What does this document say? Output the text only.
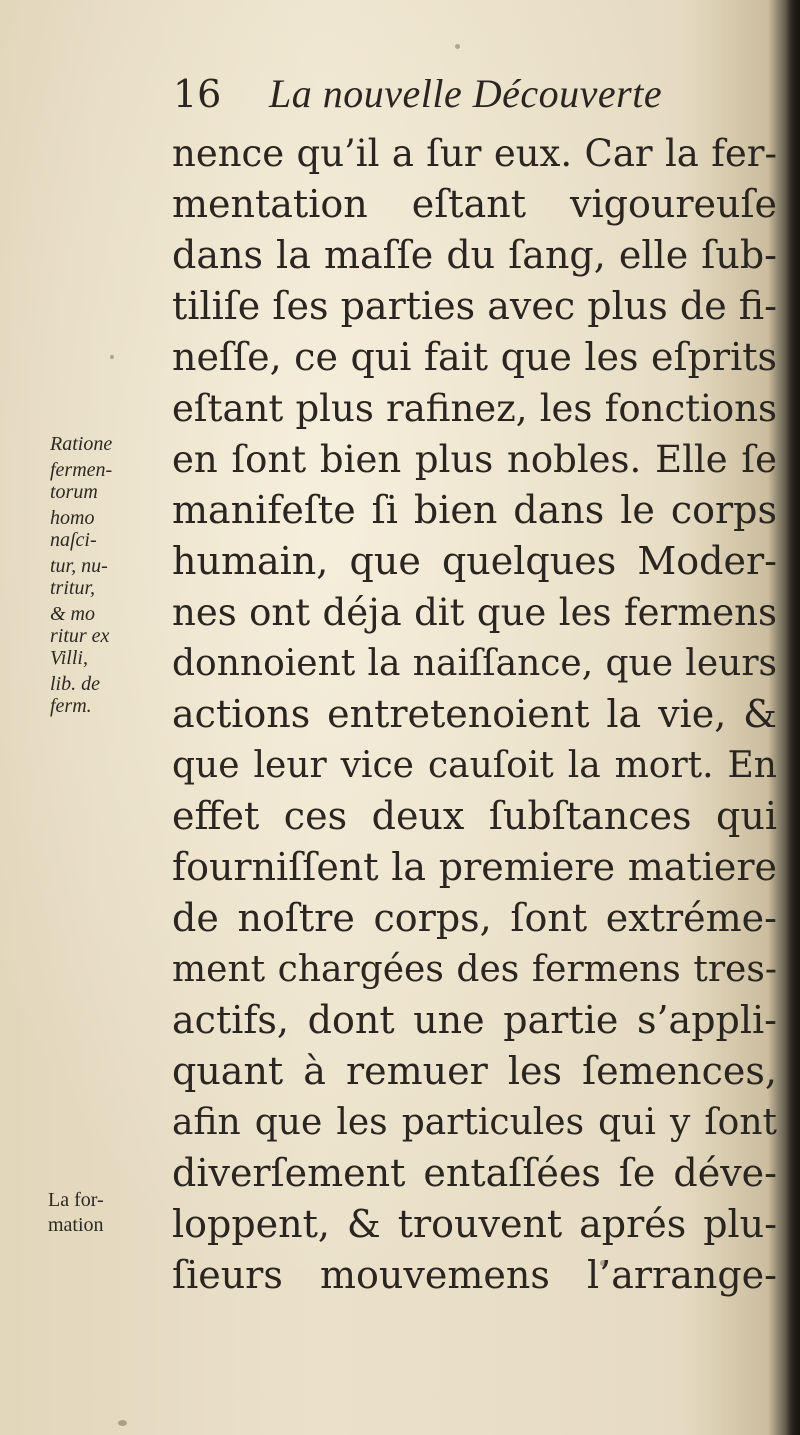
16 La nouvelle Découverte
nence qu’il a ſur eux. Car la fer-
mentation eſtant vigoureuſe
dans la maſſe du ſang, elle ſub-
tiliſe ſes parties avec plus de fi-
neſſe, ce qui fait que les eſprits
eſtant plus rafinez, les fonctions
en ſont bien plus nobles. Elle ſe
manifeſte ſi bien dans le corps
humain, que quelques Moder-
nes ont déja dit que les fermens
donnoient la naiſſance, que leurs
actions entretenoient la vie, &
que leur vice cauſoit la mort. En
effet ces deux ſubſtances qui
fourniſſent la premiere matiere
de noſtre corps, ſont extréme-
ment chargées des fermens tres-
actifs, dont une partie s’appli-
quant à remuer les ſemences,
afin que les particules qui y ſont
diverſement entaſſées ſe déve-
loppent, & trouvent aprés plu-
ſieurs mouvemens l’arrange-
Ratione
fermen-
torum
homo
naſci-
tur, nu-
tritur,
& mo
ritur ex
Villi,
lib. de
ferm.
La for-
mation
